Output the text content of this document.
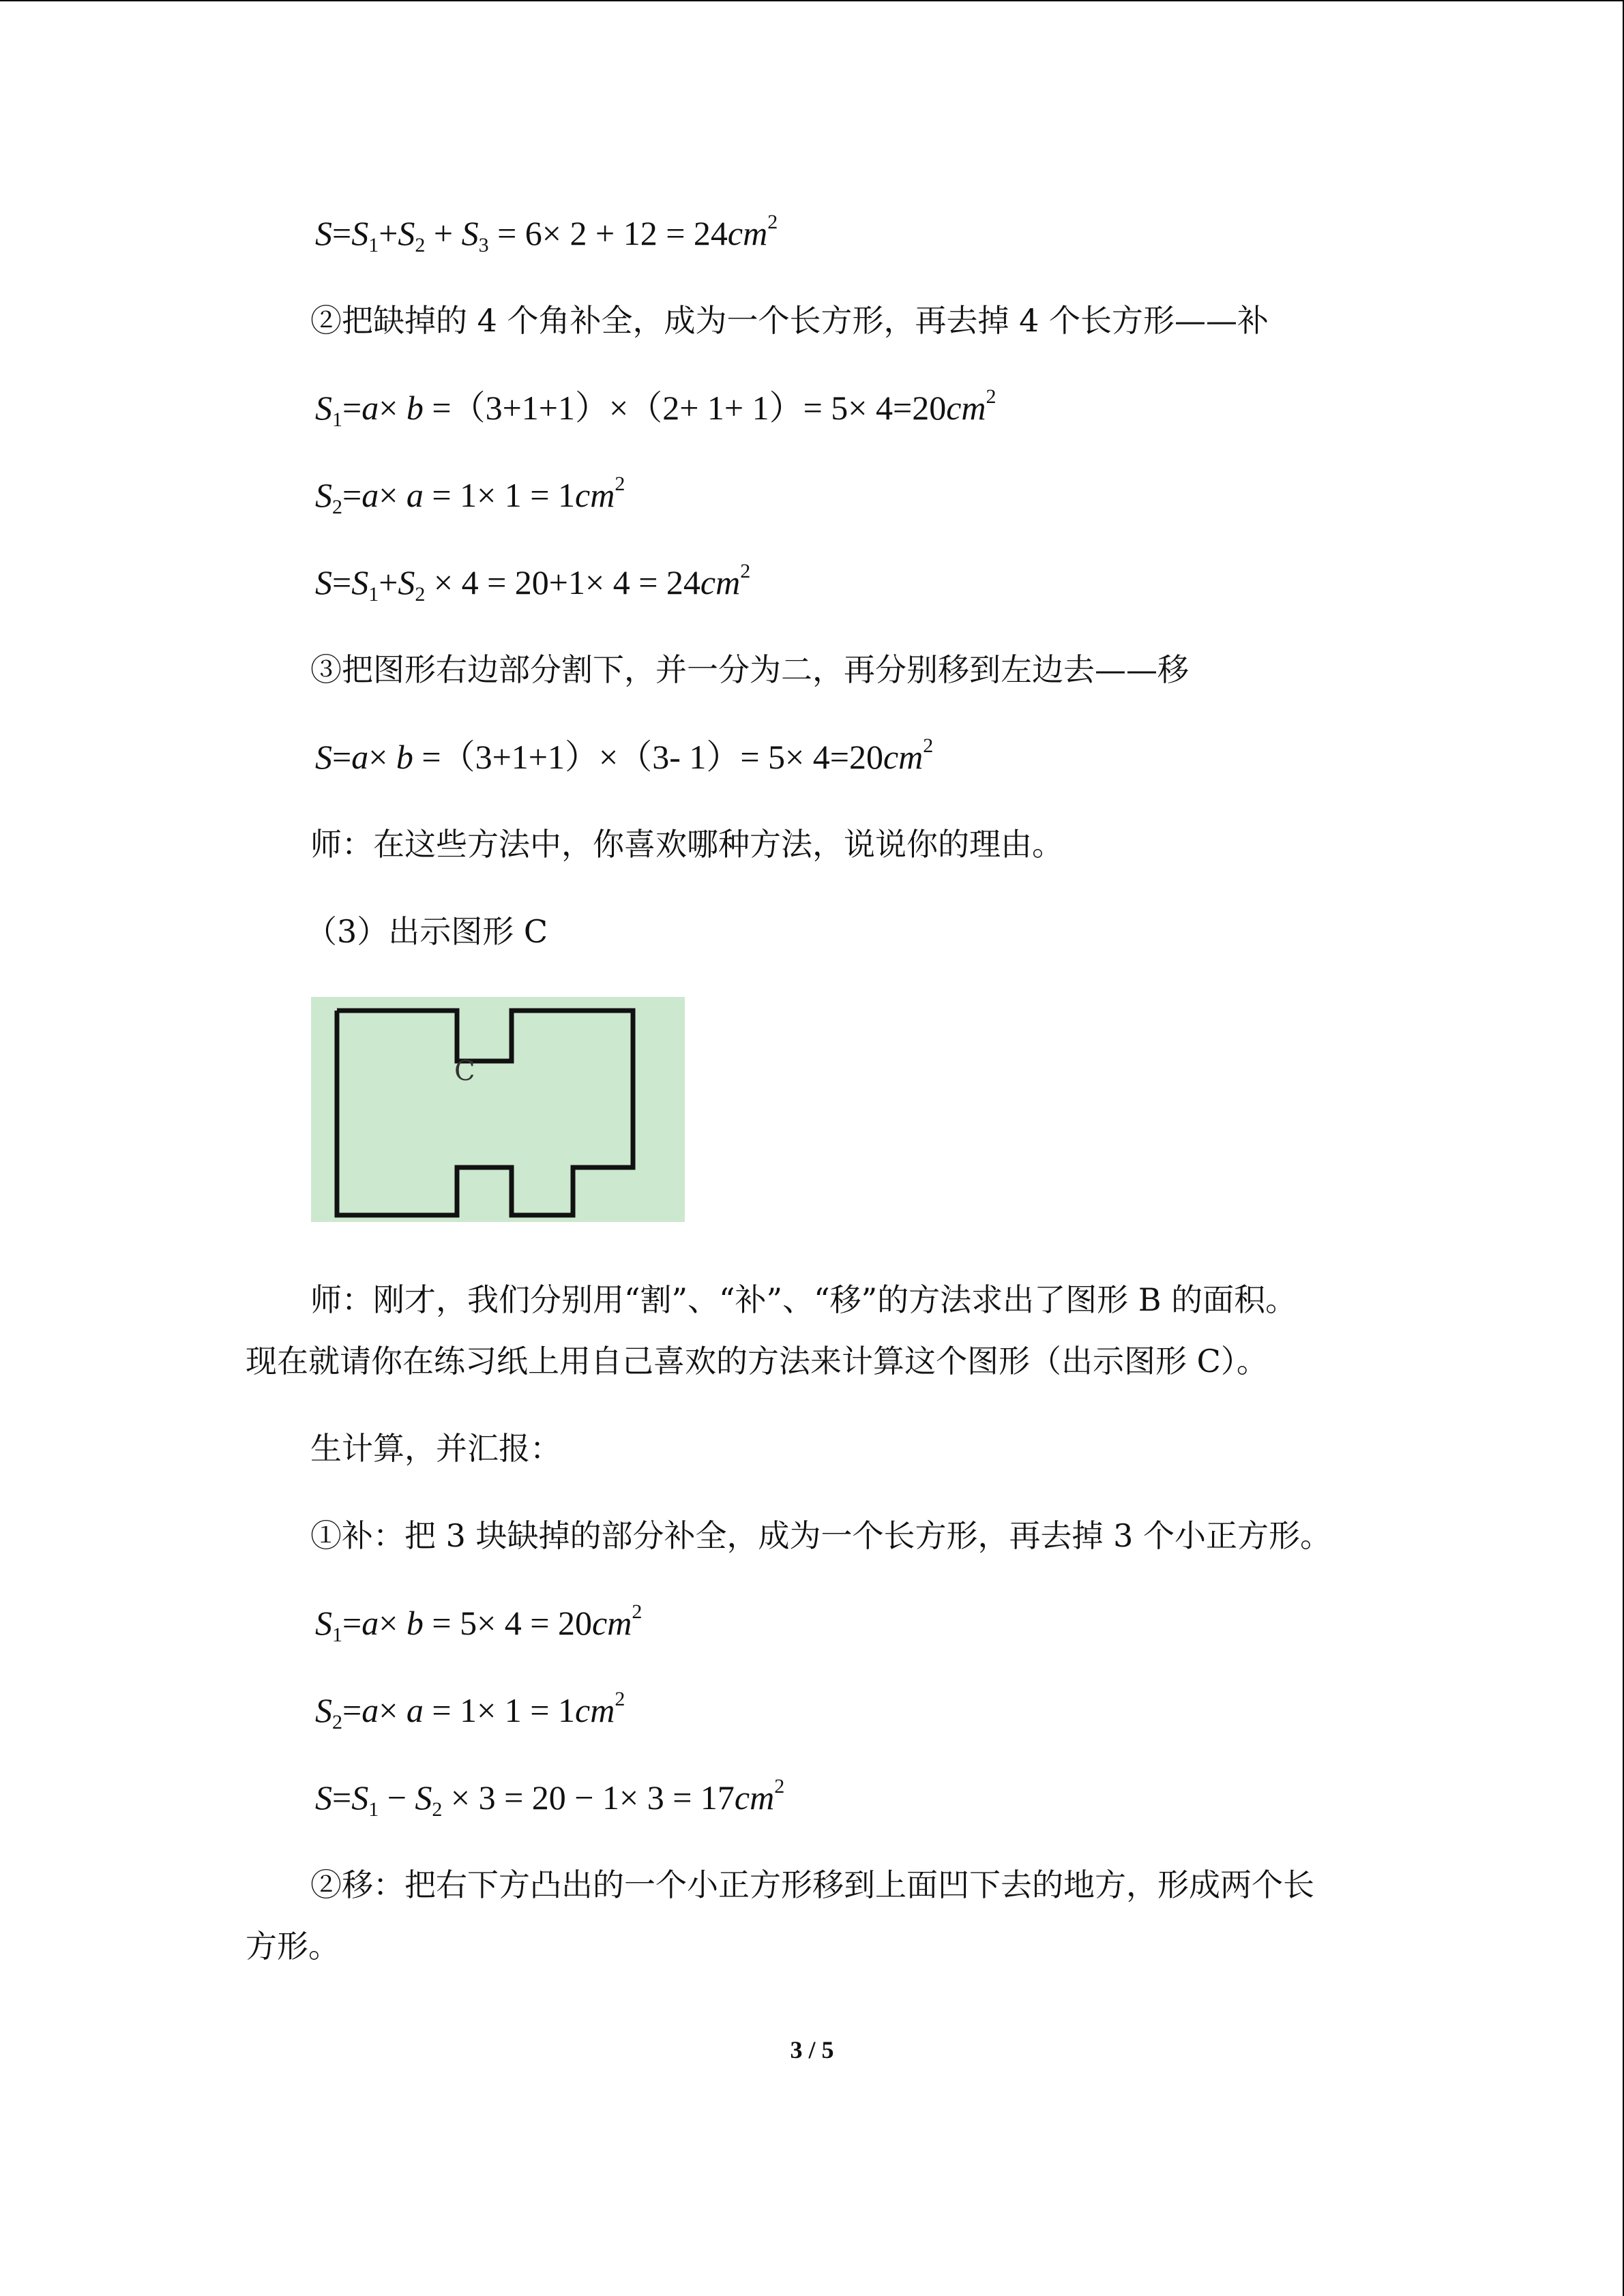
$S=S_1+S_2 + S_3 = 6\times 2 + 12 = 24cm^2$
②把缺掉的 4 个角补全，成为一个长方形，再去掉 4 个长方形——补
$S_1=a\times b =(3+1+1)\times(2+ 1+ 1)= 5\times 4=20cm^2$
$S_2=a\times a = 1\times 1 = 1cm^2$
$S=S_1+S_2 \times 4 = 20+1\times 4 = 24cm^2$
③把图形右边部分割下，并一分为二，再分别移到左边去——移
S=a× b =（3+1+1）×（3- $1)= 5\times 4=20cm^2$
师：在这些方法中，你喜欢哪种方法，说说你的理由。
（3）出示图形 C
C
师：刚才，我们分别用“割”、“补”、“移”的方法求出了图形 B 的面积。
现在就请你在练习纸上用自己喜欢的方法来计算这个图形（出示图形 C）。
生计算，并汇报：
①补：把 3 块缺掉的部分补全，成为一个长方形，再去掉 3 个小正方形。
$S_1=a\times b = 5\times 4 = 20cm^2$
$S_2=a\times a = 1\times 1 = 1cm^2$
$S=S_1 - S_2 \times 3 = 20 - 1\times 3 = 17cm^2$
②移：把右下方凸出的一个小正方形移到上面凹下去的地方，形成两个长
方形。
3 / 5
